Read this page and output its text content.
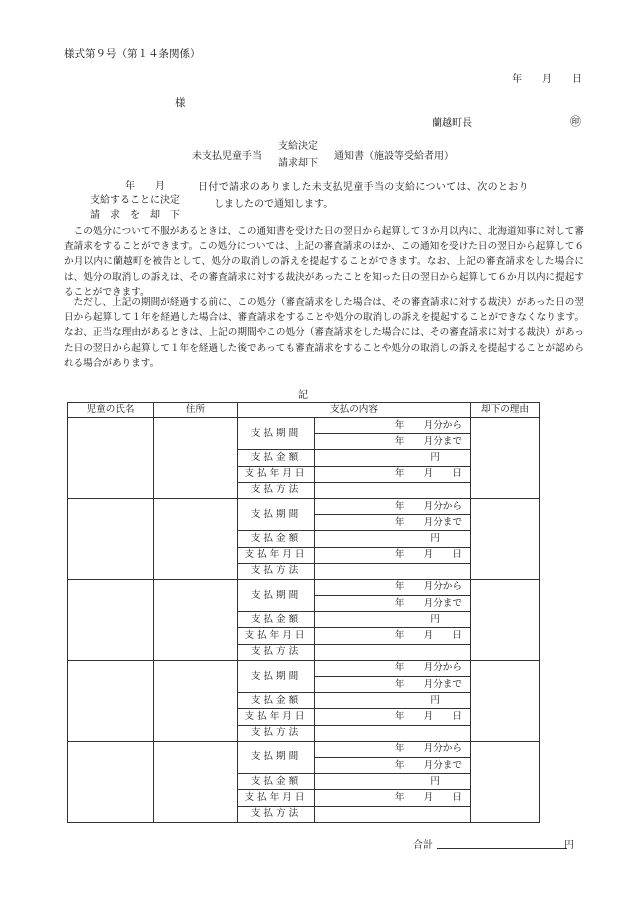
様式第９号（第１４条関係）
年　　月　　日
様
蘭越町長	㊞
未支払児童手当
支給決定
請求却下
通知書（施設等受給者用）
年　　月	日付で請求のありました未支払児童手当の支給については、次のとおり
支給することに決定	しましたので通知します。
請　求　を　却　下
この処分について不服があるときは、この通知書を受けた日の翌日から起算して３か月以内に、北海道知事に対して審査請求をすることができます。この処分については、上記の審査請求のほか、この通知を受けた日の翌日から起算して６か月以内に蘭越町を被告として、処分の取消しの訴えを提起することができます。なお、上記の審査請求をした場合には、処分の取消しの訴えは、その審査請求に対する裁決があったことを知った日の翌日から起算して６か月以内に提起することができます。
ただし、上記の期間が経過する前に、この処分（審査請求をした場合は、その審査請求に対する裁決）があった日の翌日から起算して１年を経過した場合は、審査請求をすることや処分の取消しの訴えを提起することができなくなります。なお、正当な理由があるときは、上記の期間やこの処分（審査請求をした場合には、その審査請求に対する裁決）があった日の翌日から起算して１年を経過した後であっても審査請求をすることや処分の取消しの訴えを提起することが認められる場合があります。
記
児童の氏名	住所	支払の内容		却下の理由
		支払期間	年　　月分から	
			年　　月分まで	
		支払金額	円	
		支払年月日	年　　月　　日	
		支払方法		
		支払期間	年　　月分から	
			年　　月分まで	
		支払金額	円	
		支払年月日	年　　月　　日	
		支払方法		
		支払期間	年　　月分から	
			年　　月分まで	
		支払金額	円	
		支払年月日	年　　月　　日	
		支払方法		
		支払期間	年　　月分から	
			年　　月分まで	
		支払金額	円	
		支払年月日	年　　月　　日	
		支払方法		
		支払期間	年　　月分から	
			年　　月分まで	
		支払金額	円	
		支払年月日	年　　月　　日	
		支払方法		
合計	円
